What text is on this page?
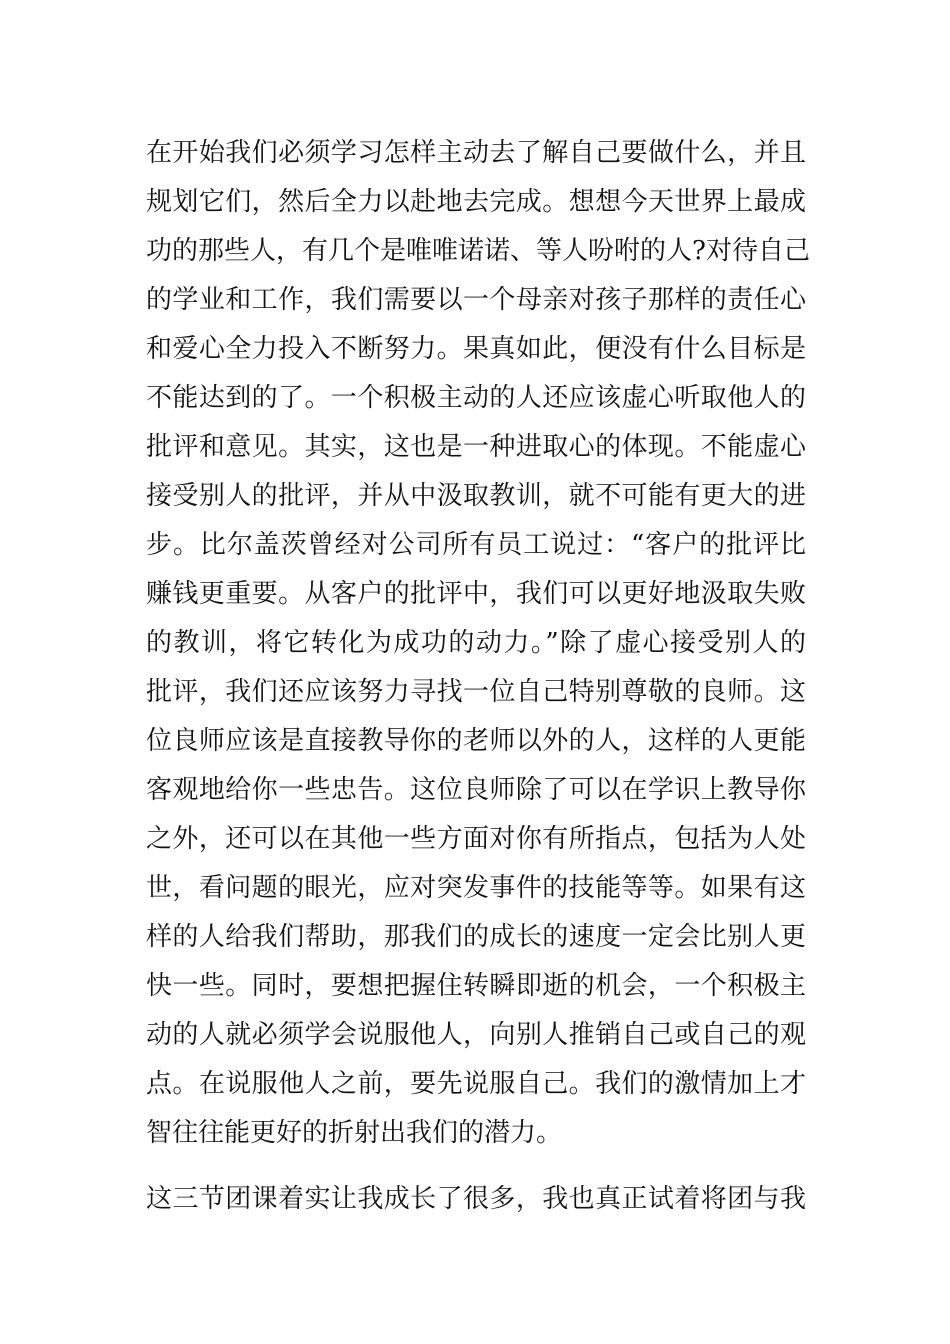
在开始我们必须学习怎样主动去了解自己要做什么，并且
规划它们，然后全力以赴地去完成。想想今天世界上最成
功的那些人，有几个是唯唯诺诺、等人吩咐的人?对待自己
的学业和工作，我们需要以一个母亲对孩子那样的责任心
和爱心全力投入不断努力。果真如此，便没有什么目标是
不能达到的了。一个积极主动的人还应该虚心听取他人的
批评和意见。其实，这也是一种进取心的体现。不能虚心
接受别人的批评，并从中汲取教训，就不可能有更大的进
步。比尔盖茨曾经对公司所有员工说过：“客户的批评比
赚钱更重要。从客户的批评中，我们可以更好地汲取失败
的教训，将它转化为成功的动力。”除了虚心接受别人的
批评，我们还应该努力寻找一位自己特别尊敬的良师。这
位良师应该是直接教导你的老师以外的人，这样的人更能
客观地给你一些忠告。这位良师除了可以在学识上教导你
之外，还可以在其他一些方面对你有所指点，包括为人处
世，看问题的眼光，应对突发事件的技能等等。如果有这
样的人给我们帮助，那我们的成长的速度一定会比别人更
快一些。同时，要想把握住转瞬即逝的机会，一个积极主
动的人就必须学会说服他人，向别人推销自己或自己的观
点。在说服他人之前，要先说服自己。我们的激情加上才
智往往能更好的折射出我们的潜力。
这三节团课着实让我成长了很多，我也真正试着将团与我
